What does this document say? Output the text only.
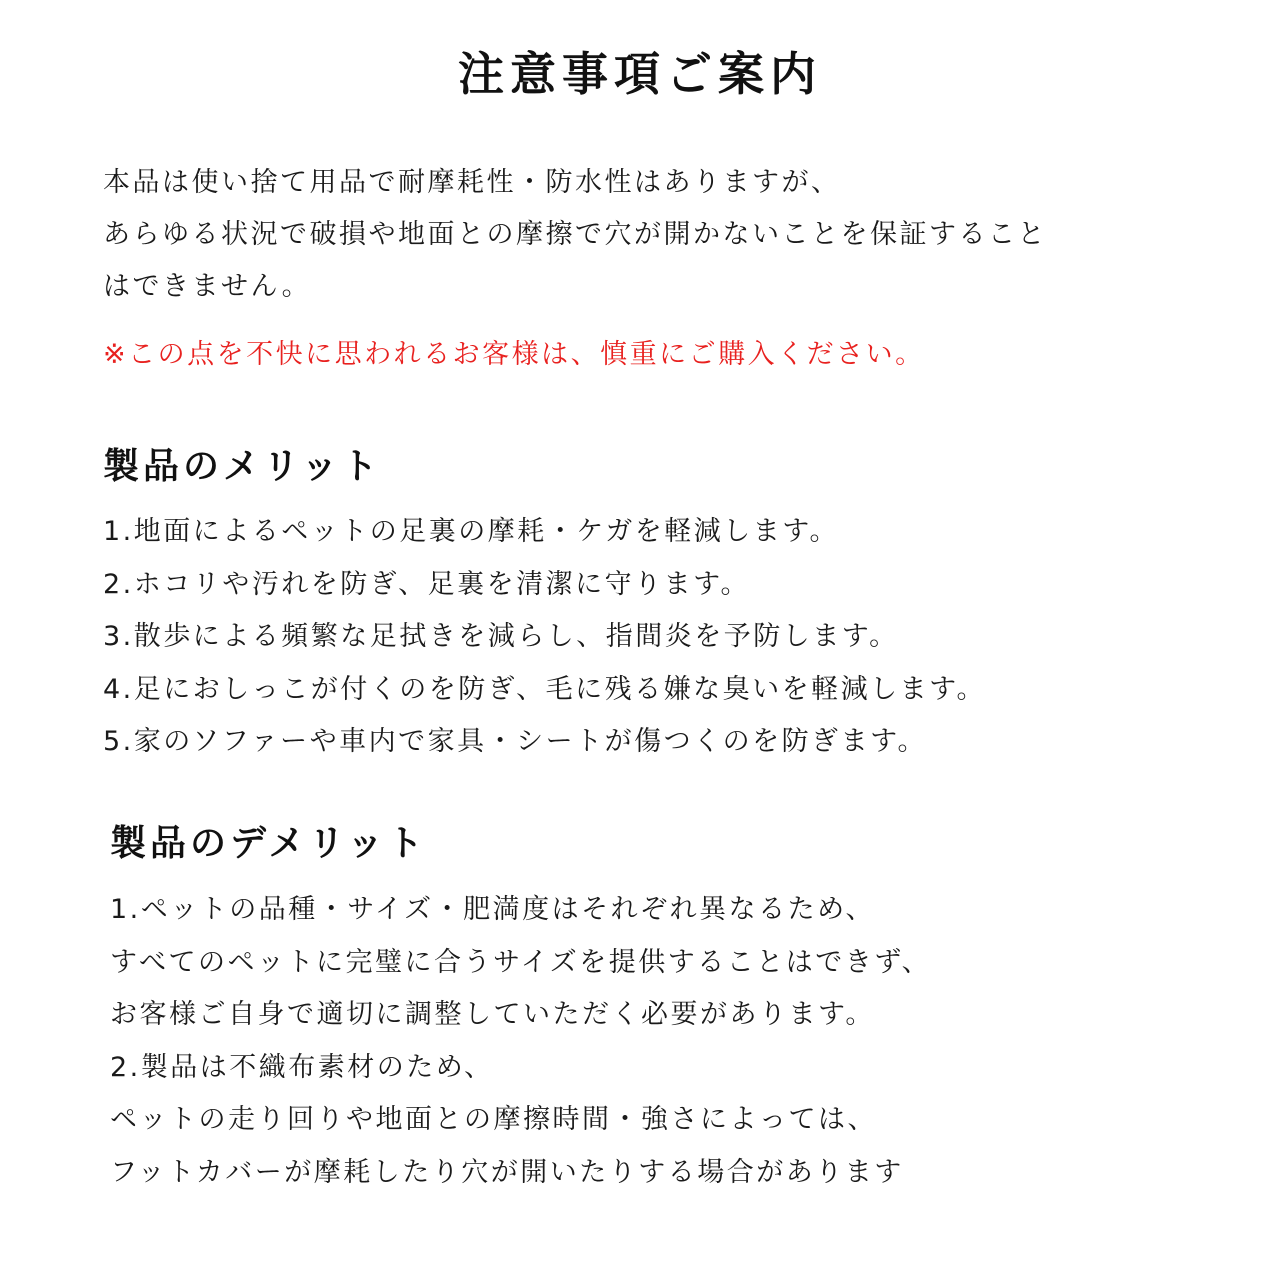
注意事項ご案内
本品は使い捨て用品で耐摩耗性・防水性はありますが、
あらゆる状況で破損や地面との摩擦で穴が開かないことを保証すること
はできません。
※この点を不快に思われるお客様は、慎重にご購入ください。
製品のメリット
1.地面によるペットの足裏の摩耗・ケガを軽減します。
2.ホコリや汚れを防ぎ、足裏を清潔に守ります。
3.散歩による頻繁な足拭きを減らし、指間炎を予防します。
4.足におしっこが付くのを防ぎ、毛に残る嫌な臭いを軽減します。
5.家のソファーや車内で家具・シートが傷つくのを防ぎます。
製品のデメリット
1.ペットの品種・サイズ・肥満度はそれぞれ異なるため、
すべてのペットに完璧に合うサイズを提供することはできず、
お客様ご自身で適切に調整していただく必要があります。
2.製品は不織布素材のため、
ペットの走り回りや地面との摩擦時間・強さによっては、
フットカバーが摩耗したり穴が開いたりする場合があります
